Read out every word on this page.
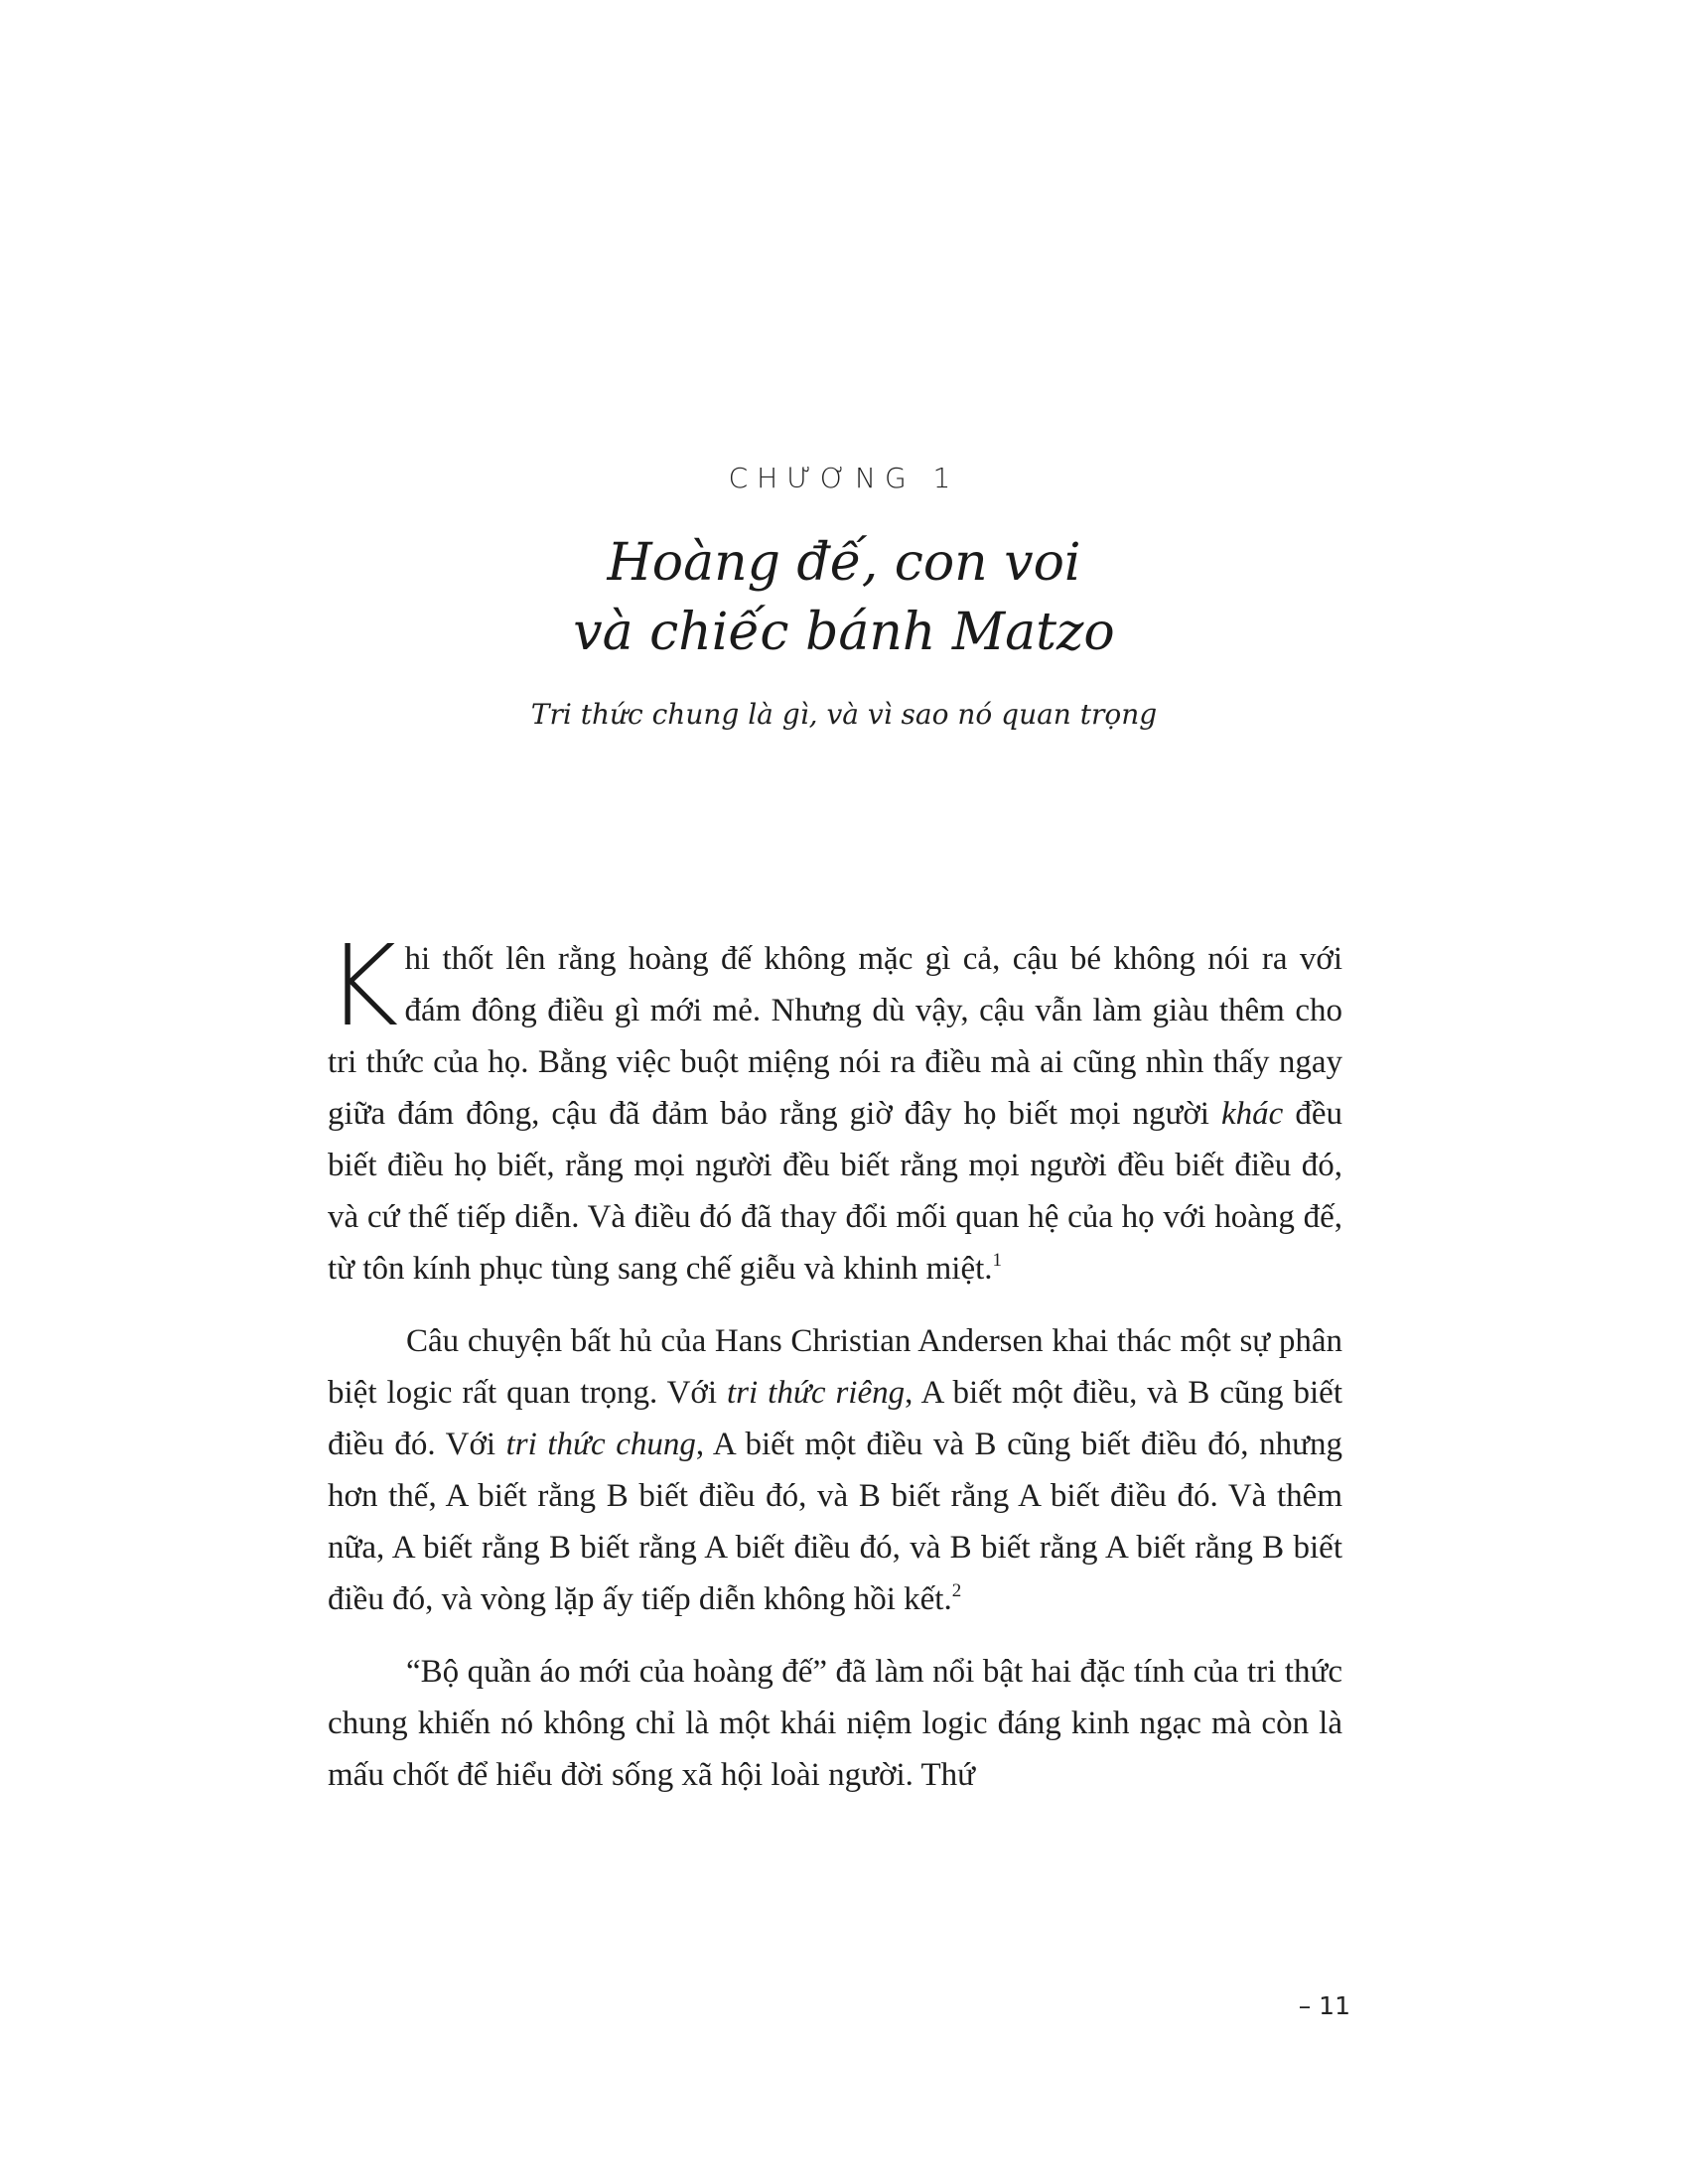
CHƯƠNG 1
Hoàng đế, con voi
và chiếc bánh Matzo
Tri thức chung là gì, và vì sao nó quan trọng

Khi thốt lên rằng hoàng đế không mặc gì cả, cậu bé không nói ra với đám đông điều gì mới mẻ. Nhưng dù vậy, cậu vẫn làm giàu thêm cho tri thức của họ. Bằng việc buột miệng nói ra điều mà ai cũng nhìn thấy ngay giữa đám đông, cậu đã đảm bảo rằng giờ đây họ biết mọi người khác đều biết điều họ biết, rằng mọi người đều biết rằng mọi người đều biết điều đó, và cứ thế tiếp diễn. Và điều đó đã thay đổi mối quan hệ của họ với hoàng đế, từ tôn kính phục tùng sang chế giễu và khinh miệt.$^1$

Câu chuyện bất hủ của Hans Christian Andersen khai thác một sự phân biệt logic rất quan trọng. Với tri thức riêng, A biết một điều, và B cũng biết điều đó. Với tri thức chung, A biết một điều và B cũng biết điều đó, nhưng hơn thế, A biết rằng B biết điều đó, và B biết rằng A biết điều đó. Và thêm nữa, A biết rằng B biết rằng A biết điều đó, và B biết rằng A biết rằng B biết điều đó, và vòng lặp ấy tiếp diễn không hồi kết.$^2$

“Bộ quần áo mới của hoàng đế” đã làm nổi bật hai đặc tính của tri thức chung khiến nó không chỉ là một khái niệm logic đáng kinh ngạc mà còn là mấu chốt để hiểu đời sống xã hội loài người. Thứ

– 11
